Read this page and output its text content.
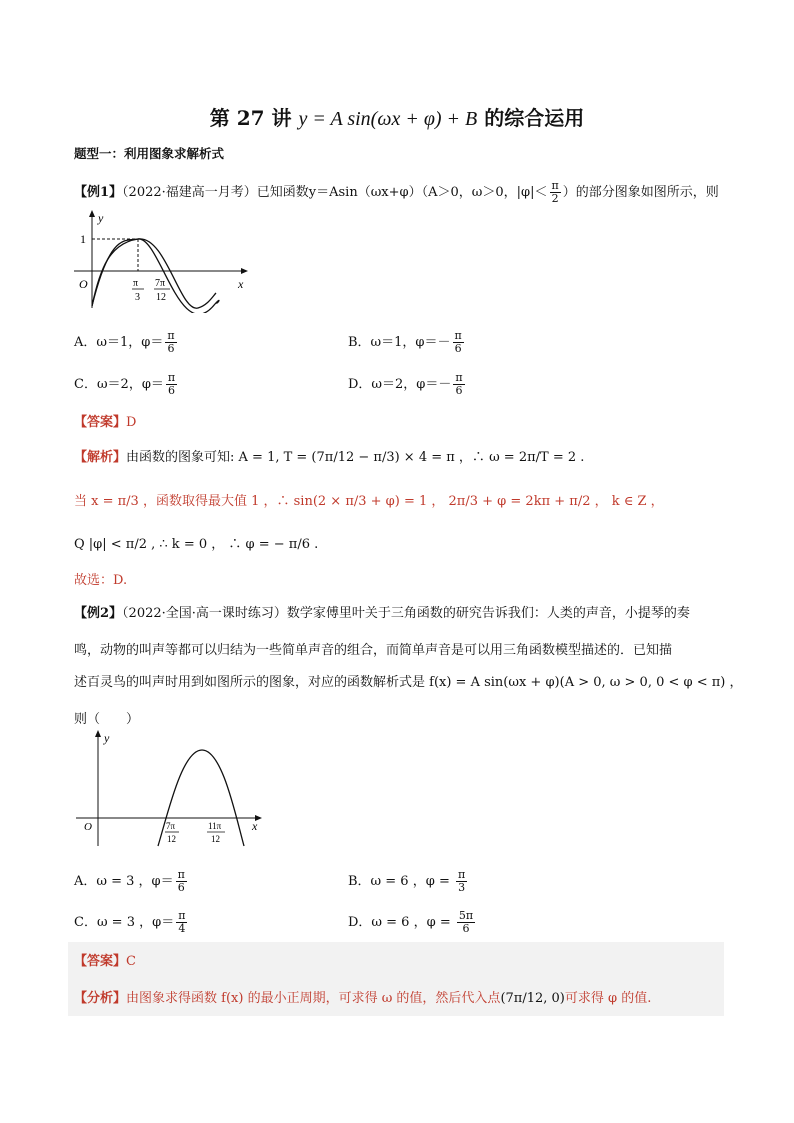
第 27 讲 y = A sin(ωx + φ) + B 的综合运用
题型一：利用图象求解析式
【例1】（2022·福建高一月考）已知函数y＝Asin（ωx+φ）（A＞0，ω＞0，$|\varphi|< \frac{\pi}{2}$ ）的部分图象如图所示，则
y
x
O
1
π
3
7π
12
A．ω＝1，$\varphi= \frac{\pi}{6}$	B．ω＝1，$\varphi=- \frac{\pi}{6}$
C．ω＝2，$\varphi= \frac{\pi}{6}$	D．ω＝2，$\varphi=- \frac{\pi}{6}$
【答案】D
【解析】由函数的图象可知: A = 1, T = (7π/12 − π/3) × 4 = π ，∴ ω = 2π/T = 2 .
当 x = π/3 ，函数取得最大值 1 ，∴ sin(2 × π/3 + φ) = 1 ， 2π/3 + φ = 2kπ + π/2 ， k ∈ Z ，
Q |φ| < π/2 , ∴ k = 0 ， ∴ φ = − π/6 .
故选：D.
【例2】（2022·全国·高一课时练习）数学家傅里叶关于三角函数的研究告诉我们：人类的声音，小提琴的奏
鸣，动物的叫声等都可以归结为一些简单声音的组合，而简单声音是可以用三角函数模型描述的．已知描
述百灵鸟的叫声时用到如图所示的图象，对应的函数解析式是 f(x) = A sin(ωx + φ)(A > 0, ω > 0, 0 < φ < π) ，
则（　　）
y
x
O	7π
12
11π
12
A．ω = 3 ，$\varphi= \frac{\pi}{6}$	B．ω = 6 ，$\varphi = \frac{\pi}{3}$
C．ω = 3 ，$\varphi= \frac{\pi}{4}$	D．ω = 6 ，$\varphi = \frac{5\pi}{6}$
【答案】C
【分析】由图象求得函数 f(x) 的最小正周期，可求得 ω 的值，然后代入点(7π/12, 0)可求得 φ 的值.
